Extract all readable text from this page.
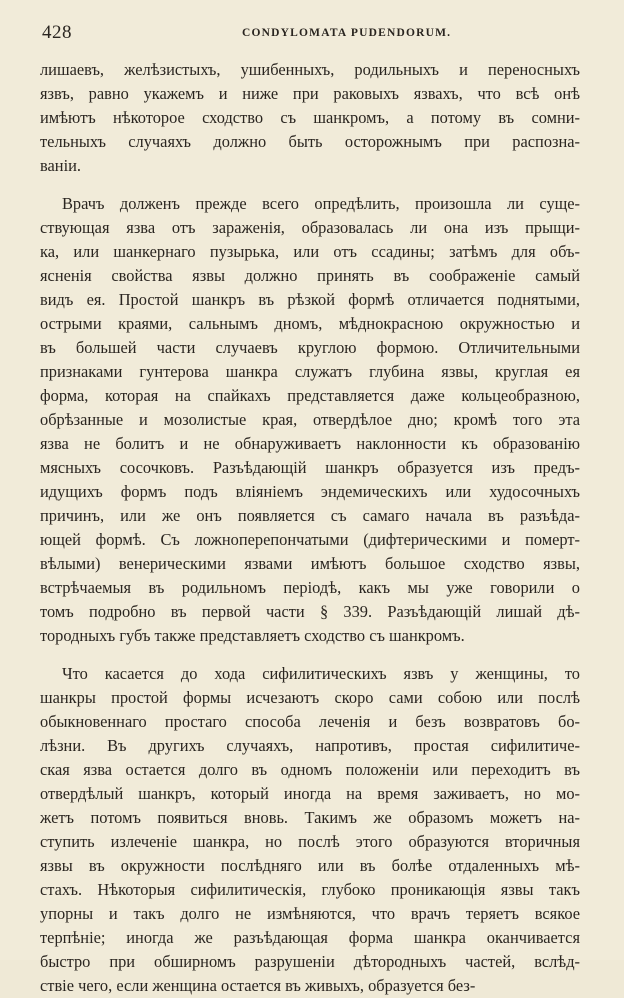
428	CONDYLOMATA PUDENDORUM.
лишаевъ, желѣзистыхъ, ушибенныхъ, родильныхъ и переносныхъ
язвъ, равно укажемъ и ниже при раковыхъ язвахъ, что всѣ онѣ
имѣютъ нѣкоторое сходство съ шанкромъ, а потому въ сомни-
тельныхъ случаяхъ должно быть осторожнымъ при распозна-
ваніи.
Врачъ долженъ прежде всего опредѣлить, произошла ли суще-
ствующая язва отъ зараженія, образовалась ли она изъ прыщи-
ка, или шанкернаго пузырька, или отъ ссадины; затѣмъ для объ-
ясненія свойства язвы должно принять въ соображеніе самый
видъ ея. Простой шанкръ въ рѣзкой формѣ отличается поднятыми,
острыми краями, сальнымъ дномъ, мѣднокрасною окружностью и
въ большей части случаевъ круглою формою. Отличительными
признаками гунтерова шанкра служатъ глубина язвы, круглая ея
форма, которая на спайкахъ представляется даже кольцеобразною,
обрѣзанные и мозолистые края, отвердѣлое дно; кромѣ того эта
язва не болитъ и не обнаруживаетъ наклонности къ образованію
мясныхъ сосочковъ. Разъѣдающій шанкръ образуется изъ предъ-
идущихъ формъ подъ вліяніемъ эндемическихъ или худосочныхъ
причинъ, или же онъ появляется съ самаго начала въ разъѣда-
ющей формѣ. Съ ложноперепончатыми (дифтерическими и померт-
вѣлыми) венерическими язвами имѣютъ большое сходство язвы,
встрѣчаемыя въ родильномъ періодѣ, какъ мы уже говорили о
томъ подробно въ первой части § 339. Разъѣдающій лишай дѣ-
тородныхъ губъ также представляетъ сходство съ шанкромъ.
Что касается до хода сифилитическихъ язвъ у женщины, то
шанкры простой формы исчезаютъ скоро сами собою или послѣ
обыкновеннаго простаго способа леченія и безъ возвратовъ бо-
лѣзни. Въ другихъ случаяхъ, напротивъ, простая сифилитиче-
ская язва остается долго въ одномъ положеніи или переходитъ въ
отвердѣлый шанкръ, который иногда на время заживаетъ, но мо-
жетъ потомъ появиться вновь. Такимъ же образомъ можетъ на-
ступить излеченіе шанкра, но послѣ этого образуются вторичныя
язвы въ окружности послѣдняго или въ болѣе отдаленныхъ мѣ-
стахъ. Нѣкоторыя сифилитическія, глубоко проникающія язвы такъ
упорны и такъ долго не измѣняются, что врачъ теряетъ всякое
терпѣніе; иногда же разъѣдающая форма шанкра оканчивается
быстро при обширномъ разрушеніи дѣтородныхъ частей, вслѣд-
ствіе чего, если женщина остается въ живыхъ, образуется без-
